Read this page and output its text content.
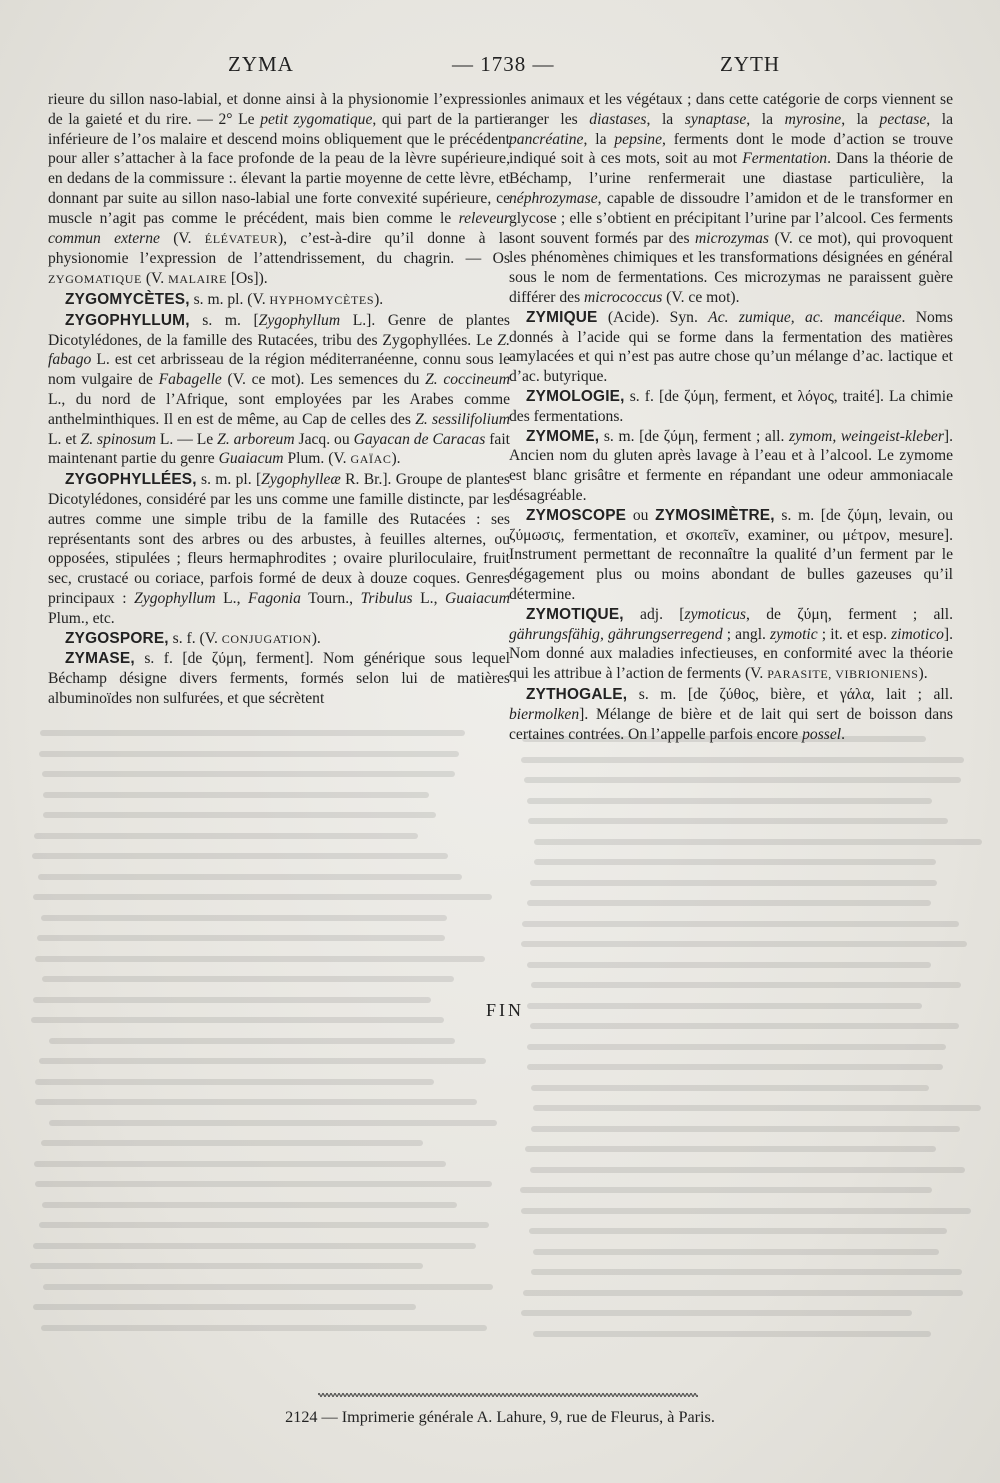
ZYMA	— 1738 —	ZYTH

rieure du sillon naso-labial, et donne ainsi à la physionomie l’expression de la gaieté et du rire. — 2° Le petit zygomatique, qui part de la partie inférieure de l’os malaire et descend moins obliquement que le précédent pour aller s’attacher à la face profonde de la peau de la lèvre supérieure, en dedans de la commissure :. élevant la partie moyenne de cette lèvre, et donnant par suite au sillon naso-labial une forte convexité supérieure, ce muscle n’agit pas comme le précédent, mais bien comme le releveur commun externe (V. ÉLÉVATEUR), c’est-à-dire qu’il donne à la physionomie l’expression de l’attendrissement, du chagrin. — Os ZYGOMATIQUE (V. MALAIRE [Os]).

ZYGOMYCÈTES, s. m. pl. (V. HYPHOMYCÈTES).

ZYGOPHYLLUM, s. m. [Zygophyllum L.]. Genre de plantes Dicotylédones, de la famille des Rutacées, tribu des Zygophyllées. Le Z. fabago L. est cet arbrisseau de la région méditerranéenne, connu sous le nom vulgaire de Fabagelle (V. ce mot). Les semences du Z. coccineum L., du nord de l’Afrique, sont employées par les Arabes comme anthelminthiques. Il en est de même, au Cap de celles des Z. sessilifolium L. et Z. spinosum L. — Le Z. arboreum Jacq. ou Gayacan de Caracas fait maintenant partie du genre Guaiacum Plum. (V. GAÏAC).

ZYGOPHYLLÉES, s. m. pl. [Zygophylleæ R. Br.]. Groupe de plantes Dicotylédones, considéré par les uns comme une famille distincte, par les autres comme une simple tribu de la famille des Rutacées : ses représentants sont des arbres ou des arbustes, à feuilles alternes, ou opposées, stipulées ; fleurs hermaphrodites ; ovaire pluriloculaire, fruit sec, crustacé ou coriace, parfois formé de deux à douze coques. Genres principaux : Zygophyllum L., Fagonia Tourn., Tribulus L., Guaiacum Plum., etc.

ZYGOSPORE, s. f. (V. CONJUGATION).

ZYMASE, s. f. [de ζύμη, ferment]. Nom générique sous lequel Béchamp désigne divers ferments, formés selon lui de matières albuminoïdes non sulfurées, et que sécrètent

les animaux et les végétaux ; dans cette catégorie de corps viennent se ranger les diastases, la synaptase, la myrosine, la pectase, la pancréatine, la pepsine, ferments dont le mode d’action se trouve indiqué soit à ces mots, soit au mot Fermentation. Dans la théorie de Béchamp, l’urine renfermerait une diastase particulière, la néphrozymase, capable de dissoudre l’amidon et de le transformer en glycose ; elle s’obtient en précipitant l’urine par l’alcool. Ces ferments sont souvent formés par des microzymas (V. ce mot), qui provoquent les phénomènes chimiques et les transformations désignées en général sous le nom de fermentations. Ces microzymas ne paraissent guère différer des micrococcus (V. ce mot).

ZYMIQUE (Acide). Syn. Ac. zumique, ac. mancéique. Noms donnés à l’acide qui se forme dans la fermentation des matières amylacées et qui n’est pas autre chose qu’un mélange d’ac. lactique et d’ac. butyrique.

ZYMOLOGIE, s. f. [de ζύμη, ferment, et λόγος, traité]. La chimie des fermentations.

ZYMOME, s. m. [de ζύμη, ferment ; all. zymom, weingeist-kleber]. Ancien nom du gluten après lavage à l’eau et à l’alcool. Le zymome est blanc grisâtre et fermente en répandant une odeur ammoniacale désagréable.

ZYMOSCOPE ou ZYMOSIMÈTRE, s. m. [de ζύμη, levain, ou ζύμωσις, fermentation, et σκοπεῖν, examiner, ou μέτρον, mesure]. Instrument permettant de reconnaître la qualité d’un ferment par le dégagement plus ou moins abondant de bulles gazeuses qu’il détermine.

ZYMOTIQUE, adj. [zymoticus, de ζύμη, ferment ; all. gährungsfähig, gährungserregend ; angl. zymotic ; it. et esp. zimotico]. Nom donné aux maladies infectieuses, en conformité avec la théorie qui les attribue à l’action de ferments (V. PARASITE, VIBRIONIENS).

ZYTHOGALE, s. m. [de ζύθος, bière, et γάλα, lait ; all. biermolken]. Mélange de bière et de lait qui sert de boisson dans certaines contrées. On l’appelle parfois encore possel.

FIN
2124 — Imprimerie générale A. Lahure, 9, rue de Fleurus, à Paris.
